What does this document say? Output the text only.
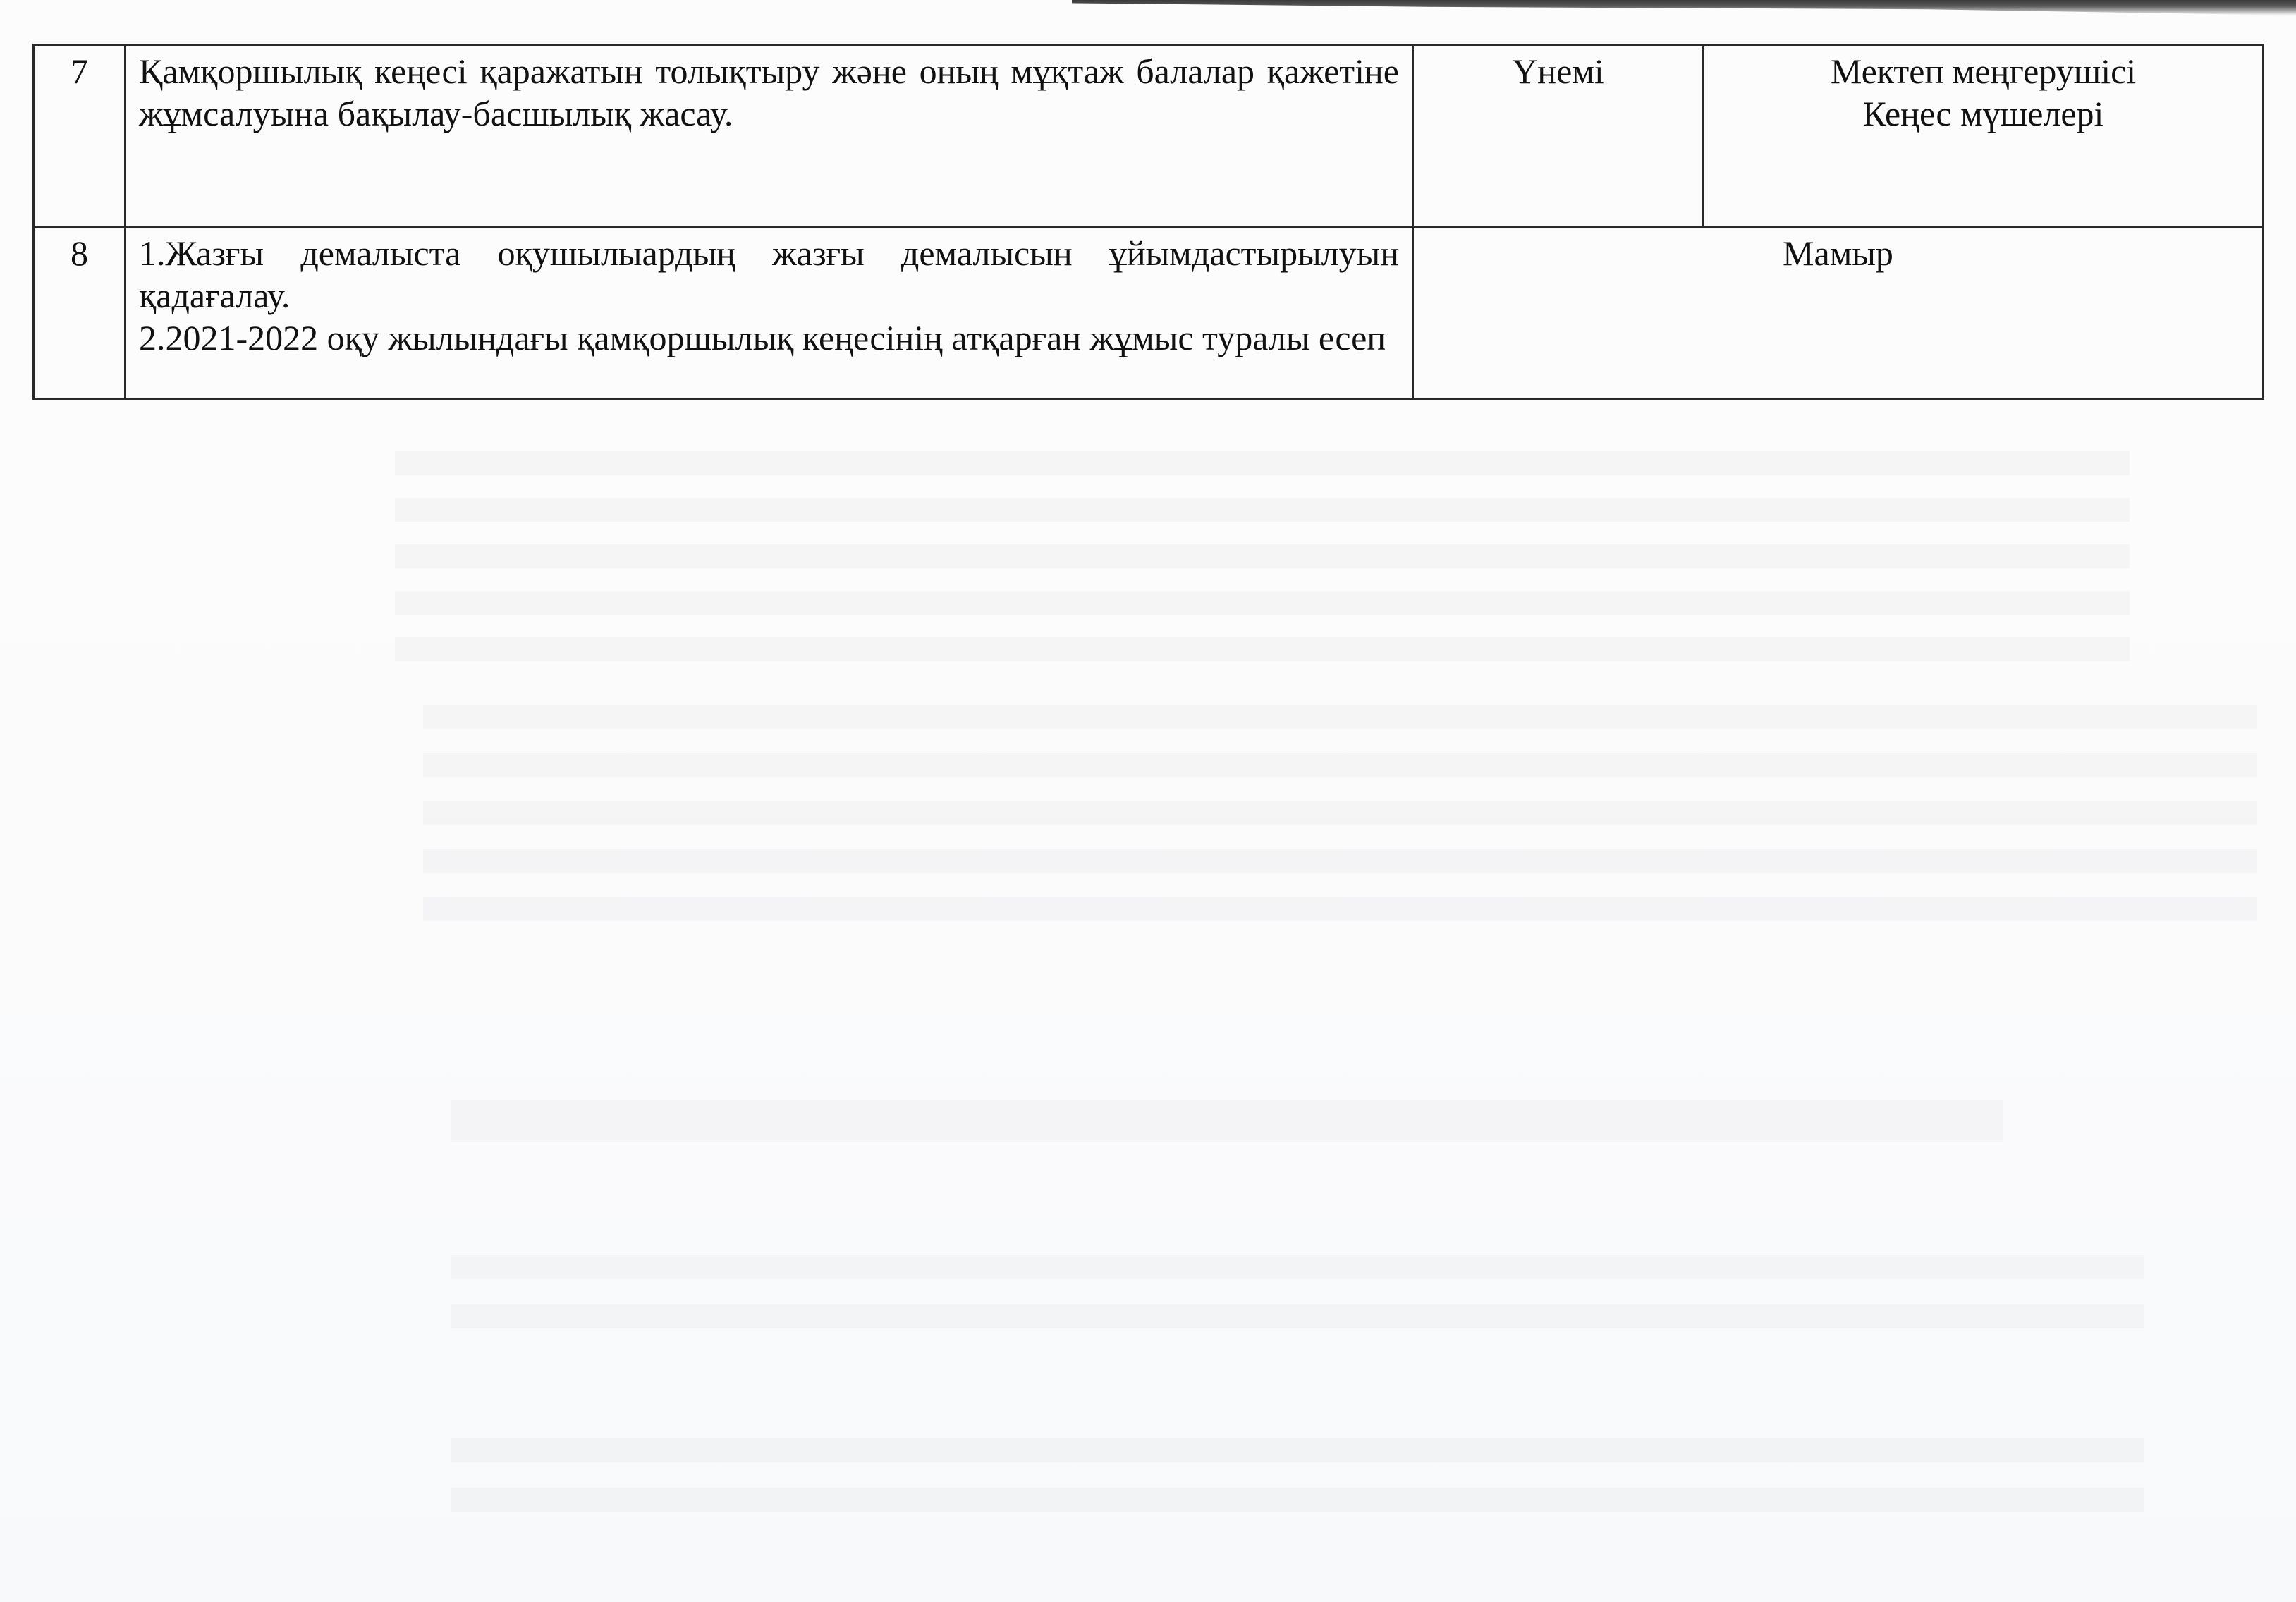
7	Қамқоршылық кеңесі қаражатын толықтыру және оның мұқтаж балалар қажетіне жұмсалуына бақылау-басшылық жасау.	Үнемі	Мектеп меңгерушісі
Кеңес мүшелері

8	1.Жазғы демалыста оқушылыардың жазғы демалысын ұйымдастырылуын қадағалау.
2.2021-2022 оқу жылындағы қамқоршылық кеңесінің атқарған жұмыс туралы есеп	Мамыр	
